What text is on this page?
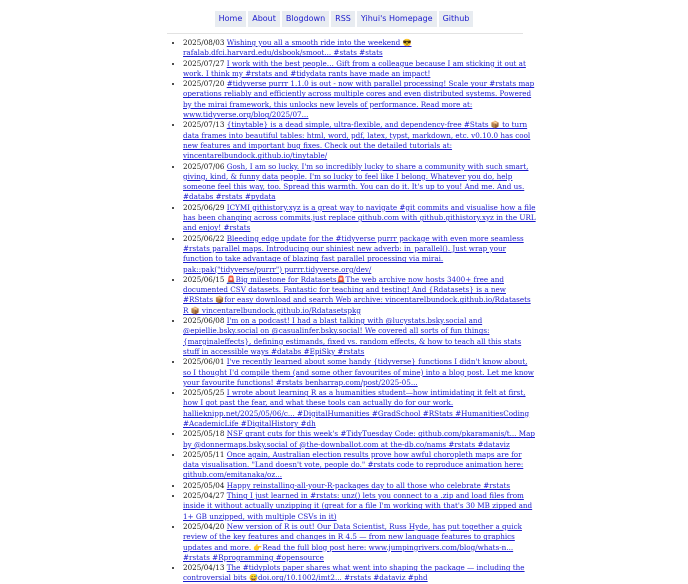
Home	About	Blogdown	RSS	Yihui's Homepage	Github
• 2025/08/03 Wishing you all a smooth ride into the weekend 😎rafalab.dfci.harvard.edu/dsbook/smoot... #stats #stats
• 2025/07/27 I work with the best people… Gift from a colleague because I am sticking it out at work. I think my #rstats and #tidydata rants have made an impact!
• 2025/07/20 #tidyverse purrr 1.1.0 is out - now with parallel processing! Scale your #rstats map operations reliably and efficiently across multiple cores and even distributed systems. Powered by the mirai framework, this unlocks new levels of performance. Read more at: www.tidyverse.org/blog/2025/07...
• 2025/07/13 {tinytable} is a dead simple, ultra-flexible, and dependency-free #Stats 📦 to turn data frames into beautiful tables: html, word, pdf, latex, typst, markdown, etc. v0.10.0 has cool new features and important bug fixes. Check out the detailed tutorials at: vincentarelbundock.github.io/tinytable/
• 2025/07/06 Gosh, I am so lucky. I'm so incredibly lucky to share a community with such smart, giving, kind, & funny data people. I'm so lucky to feel like I belong. Whatever you do, help someone feel this way, too. Spread this warmth. You can do it. It's up to you! And me. And us. #databs #rstats #pydata
• 2025/06/29 ICYMI githistory.xyz is a great way to navigate #git commits and visualise how a file has been changing across commits.just replace github.com with github.githistory.xyz in the URL and enjoy! #rstats
• 2025/06/22 Bleeding edge update for the #tidyverse purrr package with even more seamless #rstats parallel maps. Introducing our shiniest new adverb: in_parallel(). Just wrap your function to take advantage of blazing fast parallel processing via mirai. pak::pak("tidyverse/purrr") purrr.tidyverse.org/dev/
• 2025/06/15 🚨Big milestone for Rdatasets🚨The web archive now hosts 3400+ free and documented CSV datasets. Fantastic for teaching and testing! And {Rdatasets} is a new #RStats 📦for easy download and search Web archive: vincentarelbundock.github.io/Rdatasets R 📦 vincentarelbundock.github.io/Rdatasetspkg
• 2025/06/08 I'm on a podcast! I had a blast talking with @lucystats.bsky.social and @epiellie.bsky.social on @casualinfer.bsky.social! We covered all sorts of fun things: {marginaleffects}, defining estimands, fixed vs. random effects, & how to teach all this stats stuff in accessible ways #databs #EpiSky #rstats
• 2025/06/01 I've recently learned about some handy {tidyverse} functions I didn't know about, so I thought I'd compile them (and some other favourites of mine) into a blog post. Let me know your favourite functions! #rstats benharrap.com/post/2025-05...
• 2025/05/25 I wrote about learning R as a humanities student—how intimidating it felt at first, how I got past the fear, and what these tools can actually do for our work. hallieknipp.net/2025/05/06/c... #DigitalHumanities #GradSchool #RStats #HumanitiesCoding #AcademicLife #DigitalHistory #dh
• 2025/05/18 NSF grant cuts for this week's #TidyTuesday Code: github.com/pkaramanis/t... Map by @donnermaps.bsky.social of @the-downballot.com at the-db.co/nams #rstats #dataviz
• 2025/05/11 Once again, Australian election results prove how awful choropleth maps are for data visualisation. "Land doesn't vote, people do." #rstats code to reproduce animation here: github.com/emitanaka/oz...
• 2025/05/04 Happy reinstalling-all-your-R-packages day to all those who celebrate #rstats
• 2025/04/27 Thing I just learned in #rstats: unz() lets you connect to a .zip and load files from inside it without actually unzipping it (great for a file I'm working with that's 30 MB zipped and 1+ GB unzipped, with multiple CSVs in it)
• 2025/04/20 New version of R is out! Our Data Scientist, Russ Hyde, has put together a quick review of the key features and changes in R 4.5 — from new language features to graphics updates and more. 👉Read the full blog post here: www.jumpingrivers.com/blog/whats-n... #rstats #Rprogramming #opensource
• 2025/04/13 The #tidyplots paper shares what went into shaping the package — including the controversial bits 😅doi.org/10.1002/imt2... #rstats #dataviz #phd
